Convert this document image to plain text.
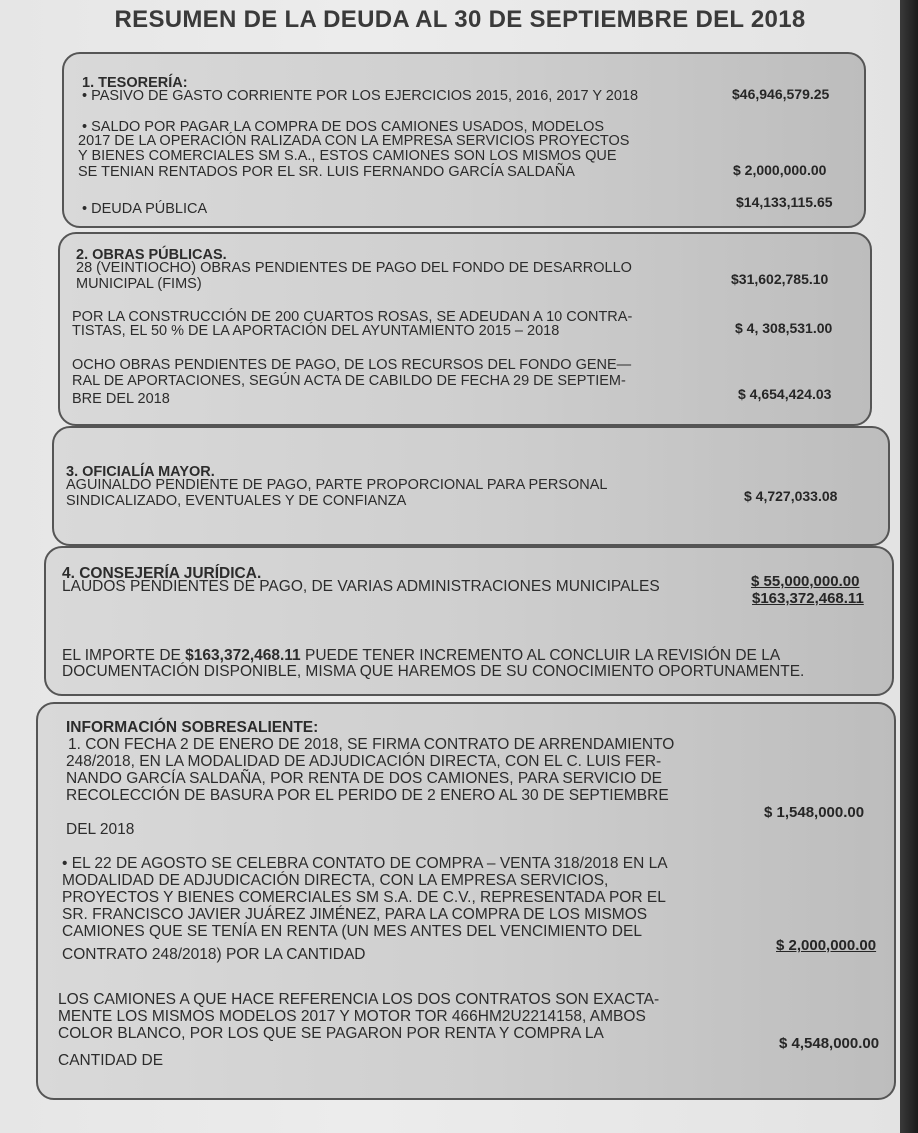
RESUMEN DE LA DEUDA AL 30 DE SEPTIEMBRE DEL 2018
1. TESORERÍA:
• PASIVO DE GASTO CORRIENTE POR LOS EJERCICIOS 2015, 2016, 2017 Y 2018	$46,946,579.25
• SALDO POR PAGAR LA COMPRA DE DOS CAMIONES USADOS, MODELOS
2017 DE LA OPERACIÓN RALIZADA CON LA EMPRESA SERVICIOS PROYECTOS
Y BIENES COMERCIALES SM S.A., ESTOS CAMIONES SON LOS MISMOS QUE
SE TENIAN RENTADOS POR EL SR. LUIS FERNANDO GARCÍA SALDAÑA	$ 2,000,000.00
• DEUDA PÚBLICA	$14,133,115.65
2. OBRAS PÚBLICAS.
28 (VEINTIOCHO) OBRAS PENDIENTES DE PAGO DEL FONDO DE DESARROLLO
MUNICIPAL (FIMS)	$31,602,785.10
POR LA CONSTRUCCIÓN DE 200 CUARTOS ROSAS, SE ADEUDAN A 10 CONTRA-
TISTAS, EL 50 % DE LA APORTACIÓN DEL AYUNTAMIENTO 2015 – 2018	$ 4, 308,531.00
OCHO OBRAS PENDIENTES DE PAGO, DE LOS RECURSOS DEL FONDO GENE—
RAL DE APORTACIONES, SEGÚN ACTA DE CABILDO DE FECHA 29 DE SEPTIEM-
BRE DEL 2018	$ 4,654,424.03
3. OFICIALÍA MAYOR.
AGUINALDO PENDIENTE DE PAGO, PARTE PROPORCIONAL PARA PERSONAL
SINDICALIZADO, EVENTUALES Y DE CONFIANZA	$ 4,727,033.08
4. CONSEJERÍA JURÍDICA.
LAUDOS PENDIENTES DE PAGO, DE VARIAS ADMINISTRACIONES MUNICIPALES	$ 55,000,000.00
$163,372,468.11
EL IMPORTE DE $163,372,468.11 PUEDE TENER INCREMENTO AL CONCLUIR LA REVISIÓN DE LA
DOCUMENTACIÓN DISPONIBLE, MISMA QUE HAREMOS DE SU CONOCIMIENTO OPORTUNAMENTE.
INFORMACIÓN SOBRESALIENTE:
1. CON FECHA 2 DE ENERO DE 2018, SE FIRMA CONTRATO DE ARRENDAMIENTO
248/2018, EN LA MODALIDAD DE ADJUDICACIÓN DIRECTA, CON EL C. LUIS FER-
NANDO GARCÍA SALDAÑA, POR RENTA DE DOS CAMIONES, PARA SERVICIO DE
RECOLECCIÓN DE BASURA POR EL PERIDO DE 2 ENERO AL 30 DE SEPTIEMBRE
DEL 2018
$ 1,548,000.00
• EL 22 DE AGOSTO SE CELEBRA CONTATO DE COMPRA – VENTA 318/2018 EN LA
MODALIDAD DE ADJUDICACIÓN DIRECTA, CON LA EMPRESA SERVICIOS,
PROYECTOS Y BIENES COMERCIALES SM S.A. DE C.V., REPRESENTADA POR EL
SR. FRANCISCO JAVIER JUÁREZ JIMÉNEZ, PARA LA COMPRA DE LOS MISMOS
CAMIONES QUE SE TENÍA EN RENTA (UN MES ANTES DEL VENCIMIENTO DEL
CONTRATO 248/2018) POR LA CANTIDAD
$ 2,000,000.00
LOS CAMIONES A QUE HACE REFERENCIA LOS DOS CONTRATOS SON EXACTA-
MENTE LOS MISMOS MODELOS 2017 Y MOTOR TOR 466HM2U2214158, AMBOS
COLOR BLANCO, POR LOS QUE SE PAGARON POR RENTA Y COMPRA LA
CANTIDAD DE
$ 4,548,000.00
